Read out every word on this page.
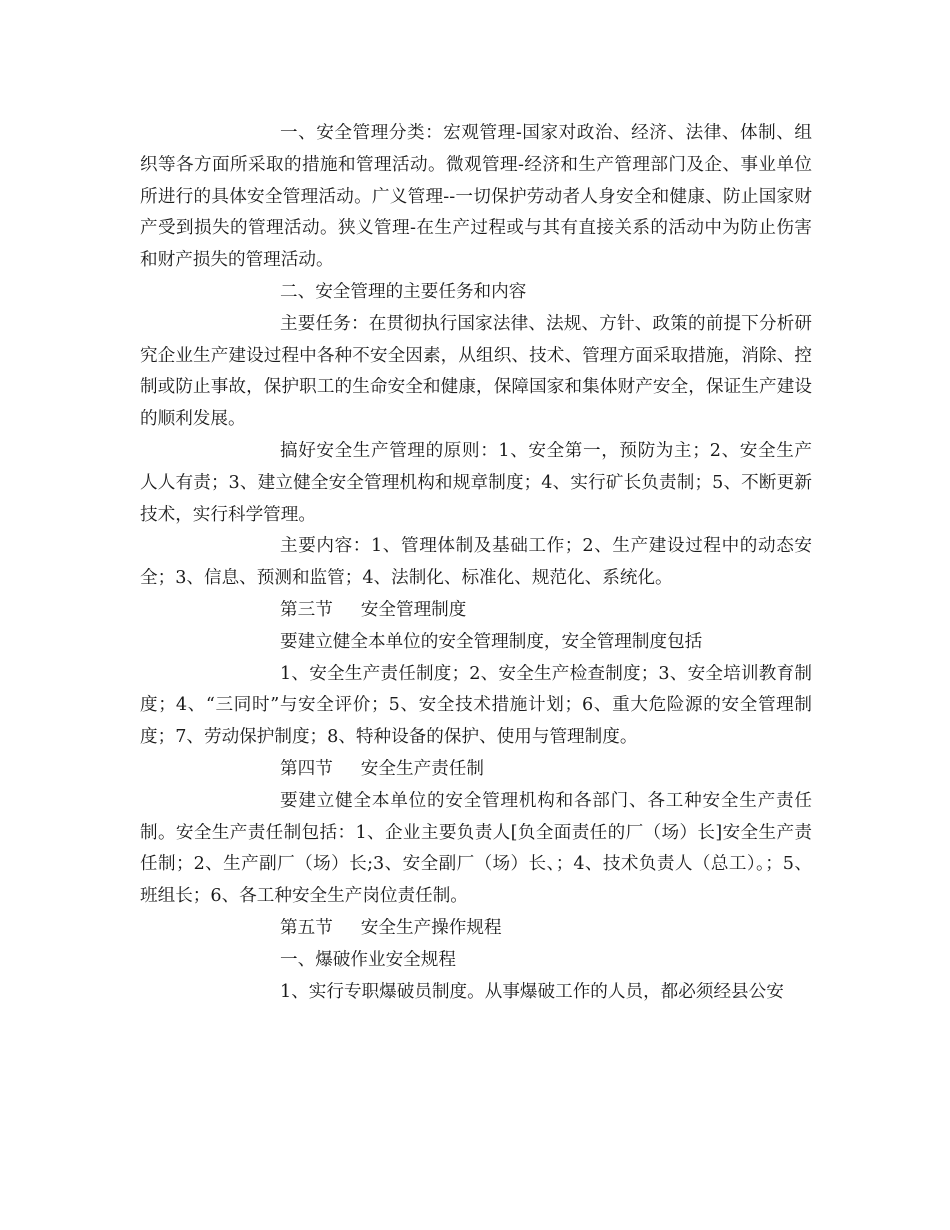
一、安全管理分类：宏观管理-国家对政治、经济、法律、体制、组织等各方面所采取的措施和管理活动。微观管理-经济和生产管理部门及企、事业单位所进行的具体安全管理活动。广义管理--一切保护劳动者人身安全和健康、防止国家财产受到损失的管理活动。狭义管理-在生产过程或与其有直接关系的活动中为防止伤害和财产损失的管理活动。

二、安全管理的主要任务和内容

主要任务：在贯彻执行国家法律、法规、方针、政策的前提下分析研究企业生产建设过程中各种不安全因素，从组织、技术、管理方面采取措施，消除、控制或防止事故，保护职工的生命安全和健康，保障国家和集体财产安全，保证生产建设的顺利发展。

搞好安全生产管理的原则：1、安全第一，预防为主；2、安全生产人人有责；3、建立健全安全管理机构和规章制度；4、实行矿长负责制；5、不断更新技术，实行科学管理。

主要内容：1、管理体制及基础工作；2、生产建设过程中的动态安全；3、信息、预测和监管；4、法制化、标准化、规范化、系统化。

第三节 安全管理制度

要建立健全本单位的安全管理制度，安全管理制度包括

1、安全生产责任制度；2、安全生产检查制度；3、安全培训教育制度；4、“三同时”与安全评价；5、安全技术措施计划；6、重大危险源的安全管理制度；7、劳动保护制度；8、特种设备的保护、使用与管理制度。

第四节 安全生产责任制

要建立健全本单位的安全管理机构和各部门、各工种安全生产责任制。安全生产责任制包括：1、企业主要负责人[负全面责任的厂（场）长]安全生产责任制；2、生产副厂（场）长;3、安全副厂（场）长、；4、技术负责人（总工）。；5、班组长；6、各工种安全生产岗位责任制。

第五节 安全生产操作规程

一、爆破作业安全规程

1、实行专职爆破员制度。从事爆破工作的人员，都必须经县公安
